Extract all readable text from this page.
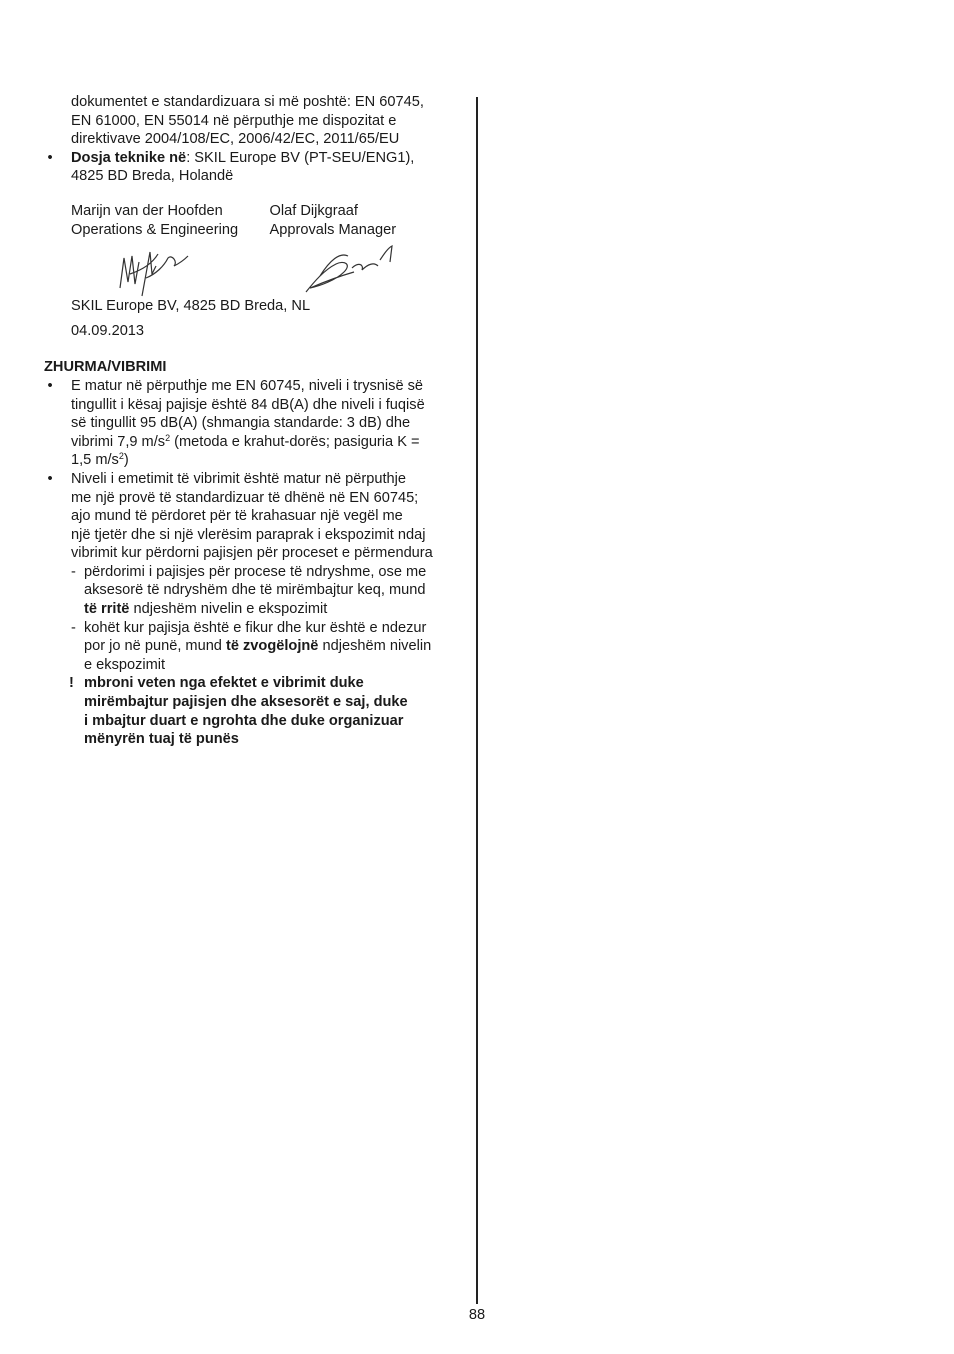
dokumentet e standardizuara si më poshtë: EN 60745,
EN 61000, EN 55014 në përputhje me dispozitat e
direktivave 2004/108/EC, 2006/42/EC, 2011/65/EU
• Dosja teknike në: SKIL Europe BV (PT-SEU/ENG1),
4825 BD Breda, Holandë
Marijn van der Hoofden
Operations & Engineering
Olaf Dijkgraaf
Approvals Manager
SKIL Europe BV, 4825 BD Breda, NL
04.09.2013
ZHURMA/VIBRIMI
• E matur në përputhje me EN 60745, niveli i trysnisë së
tingullit i kësaj pajisje është 84 dB(A) dhe niveli i fuqisë
së tingullit 95 dB(A) (shmangia standarde: 3 dB) dhe
vibrimi 7,9 $m/s^2$ (metoda e krahut-dorës; pasiguria K =
1,5 $m/s^2$)
• Niveli i emetimit të vibrimit është matur në përputhje
me një provë të standardizuar të dhënë në EN 60745;
ajo mund të përdoret për të krahasuar një vegël me
një tjetër dhe si një vlerësim paraprak i ekspozimit ndaj
vibrimit kur përdorni pajisjen për proceset e përmendura
- përdorimi i pajisjes për procese të ndryshme, ose me
aksesorë të ndryshëm dhe të mirëmbajtur keq, mund
të rritë ndjeshëm nivelin e ekspozimit
- kohët kur pajisja është e fikur dhe kur është e ndezur
por jo në punë, mund të zvogëlojnë ndjeshëm nivelin
e ekspozimit
! mbroni veten nga efektet e vibrimit duke
mirëmbajtur pajisjen dhe aksesorët e saj, duke
i mbajtur duart e ngrohta dhe duke organizuar
mënyrën tuaj të punës
88
